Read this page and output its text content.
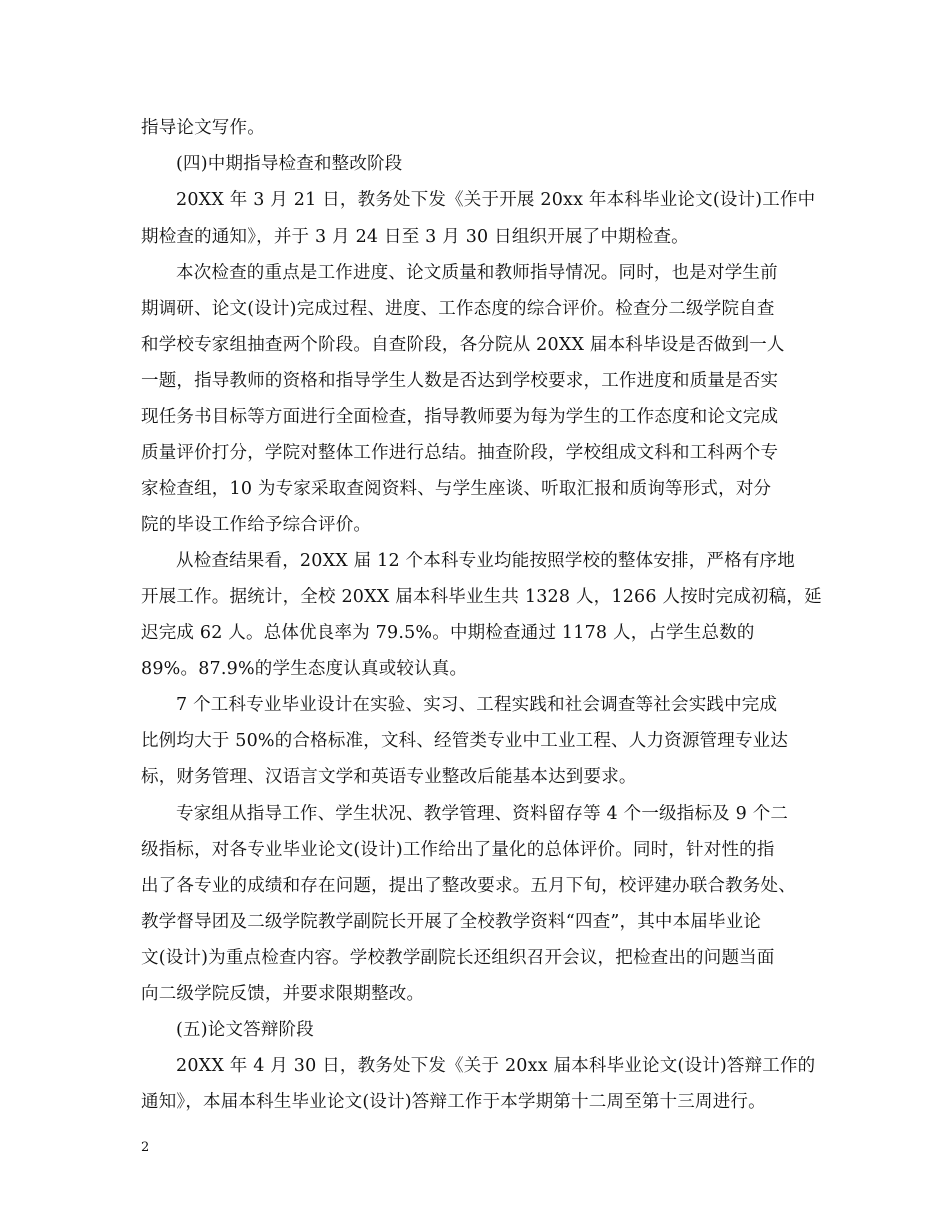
指导论文写作。
(四)中期指导检查和整改阶段
20XX 年 3 月 21 日，教务处下发《关于开展 20xx 年本科毕业论文(设计)工作中
期检查的通知》，并于 3 月 24 日至 3 月 30 日组织开展了中期检查。
本次检查的重点是工作进度、论文质量和教师指导情况。同时，也是对学生前
期调研、论文(设计)完成过程、进度、工作态度的综合评价。检查分二级学院自查
和学校专家组抽查两个阶段。自查阶段，各分院从 20XX 届本科毕设是否做到一人
一题，指导教师的资格和指导学生人数是否达到学校要求，工作进度和质量是否实
现任务书目标等方面进行全面检查，指导教师要为每为学生的工作态度和论文完成
质量评价打分，学院对整体工作进行总结。抽查阶段，学校组成文科和工科两个专
家检查组，10 为专家采取查阅资料、与学生座谈、听取汇报和质询等形式，对分
院的毕设工作给予综合评价。
从检查结果看，20XX 届 12 个本科专业均能按照学校的整体安排，严格有序地
开展工作。据统计，全校 20XX 届本科毕业生共 1328 人，1266 人按时完成初稿，延
迟完成 62 人。总体优良率为 79.5%。中期检查通过 1178 人，占学生总数的
89%。87.9%的学生态度认真或较认真。
7 个工科专业毕业设计在实验、实习、工程实践和社会调查等社会实践中完成
比例均大于 50%的合格标准，文科、经管类专业中工业工程、人力资源管理专业达
标，财务管理、汉语言文学和英语专业整改后能基本达到要求。
专家组从指导工作、学生状况、教学管理、资料留存等 4 个一级指标及 9 个二
级指标，对各专业毕业论文(设计)工作给出了量化的总体评价。同时，针对性的指
出了各专业的成绩和存在问题，提出了整改要求。五月下旬，校评建办联合教务处、
教学督导团及二级学院教学副院长开展了全校教学资料“四查”，其中本届毕业论
文(设计)为重点检查内容。学校教学副院长还组织召开会议，把检查出的问题当面
向二级学院反馈，并要求限期整改。
(五)论文答辩阶段
20XX 年 4 月 30 日，教务处下发《关于 20xx 届本科毕业论文(设计)答辩工作的
通知》，本届本科生毕业论文(设计)答辩工作于本学期第十二周至第十三周进行。
2
